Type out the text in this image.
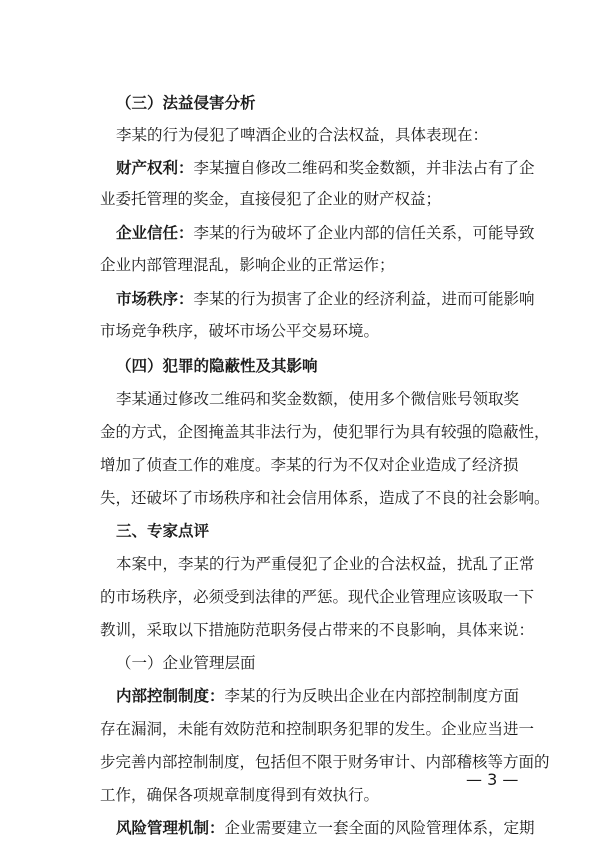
（三）法益侵害分析
李某的行为侵犯了啤酒企业的合法权益，具体表现在：
财产权利：李某擅自修改二维码和奖金数额，并非法占有了企
业委托管理的奖金，直接侵犯了企业的财产权益；
企业信任：李某的行为破坏了企业内部的信任关系，可能导致
企业内部管理混乱，影响企业的正常运作；
市场秩序：李某的行为损害了企业的经济利益，进而可能影响
市场竞争秩序，破坏市场公平交易环境。
（四）犯罪的隐蔽性及其影响
李某通过修改二维码和奖金数额，使用多个微信账号领取奖
金的方式，企图掩盖其非法行为，使犯罪行为具有较强的隐蔽性，
增加了侦查工作的难度。李某的行为不仅对企业造成了经济损
失，还破坏了市场秩序和社会信用体系，造成了不良的社会影响。
三、专家点评
本案中，李某的行为严重侵犯了企业的合法权益，扰乱了正常
的市场秩序，必须受到法律的严惩。现代企业管理应该吸取一下
教训，采取以下措施防范职务侵占带来的不良影响，具体来说：
（一）企业管理层面
内部控制制度：李某的行为反映出企业在内部控制制度方面
存在漏洞，未能有效防范和控制职务犯罪的发生。企业应当进一
步完善内部控制制度，包括但不限于财务审计、内部稽核等方面的
工作，确保各项规章制度得到有效执行。
风险管理机制：企业需要建立一套全面的风险管理体系，定期
— 3 —
